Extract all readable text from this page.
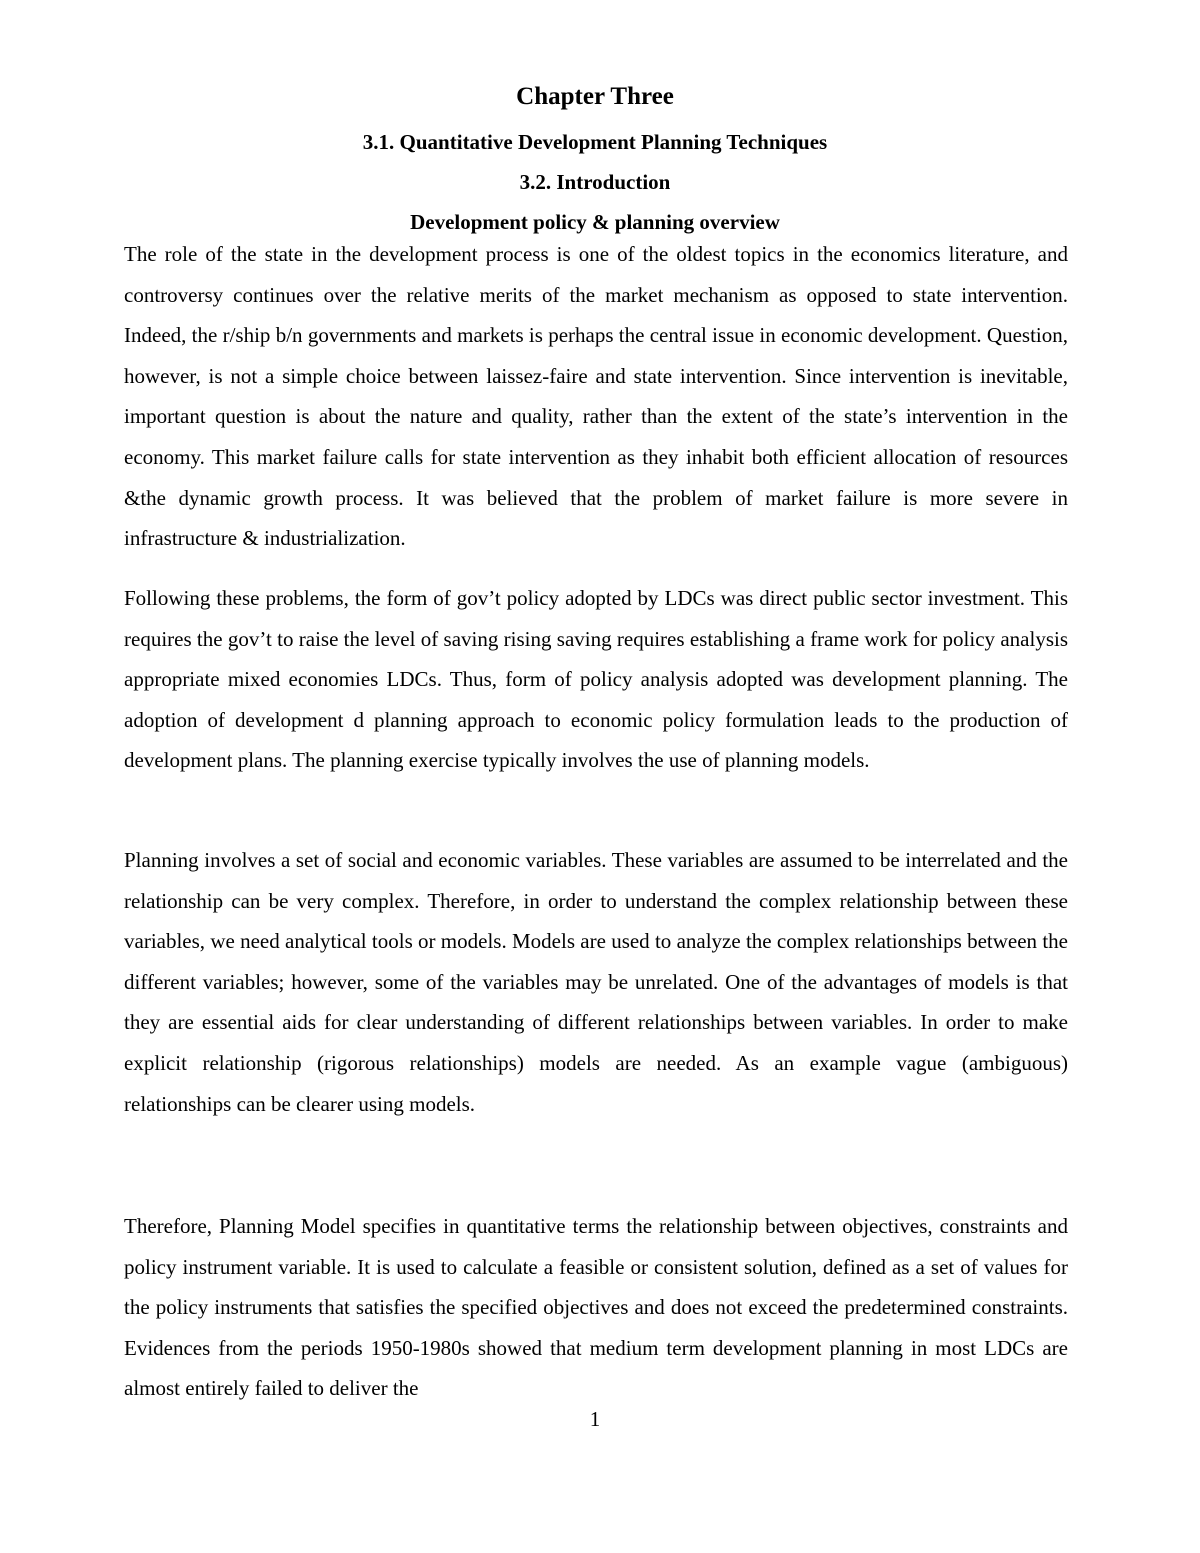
Chapter Three
3.1. Quantitative Development Planning Techniques
3.2. Introduction
Development policy & planning overview

The role of the state in the development process is one of the oldest topics in the economics literature, and controversy continues over the relative merits of the market mechanism as opposed to state intervention. Indeed, the r/ship b/n governments and markets is perhaps the central issue in economic development. Question, however, is not a simple choice between laissez-faire and state intervention. Since intervention is inevitable, important question is about the nature and quality, rather than the extent of the state’s intervention in the economy. This market failure calls for state intervention as they inhabit both efficient allocation of resources &the dynamic growth process. It was believed that the problem of market failure is more severe in infrastructure & industrialization.

Following these problems, the form of gov’t policy adopted by LDCs was direct public sector investment. This requires the gov’t to raise the level of saving rising saving requires establishing a frame work for policy analysis appropriate mixed economies LDCs. Thus, form of policy analysis adopted was development planning. The adoption of development d planning approach to economic policy formulation leads to the production of development plans. The planning exercise typically involves the use of planning models.

Planning involves a set of social and economic variables. These variables are assumed to be interrelated and the relationship can be very complex. Therefore, in order to understand the complex relationship between these variables, we need analytical tools or models. Models are used to analyze the complex relationships between the different variables; however, some of the variables may be unrelated. One of the advantages of models is that they are essential aids for clear understanding of different relationships between variables. In order to make explicit relationship (rigorous relationships) models are needed. As an example vague (ambiguous) relationships can be clearer using models.

Therefore, Planning Model specifies in quantitative terms the relationship between objectives, constraints and policy instrument variable. It is used to calculate a feasible or consistent solution, defined as a set of values for the policy instruments that satisfies the specified objectives and does not exceed the predetermined constraints. Evidences from the periods 1950-1980s showed that medium term development planning in most LDCs are almost entirely failed to deliver the

1
